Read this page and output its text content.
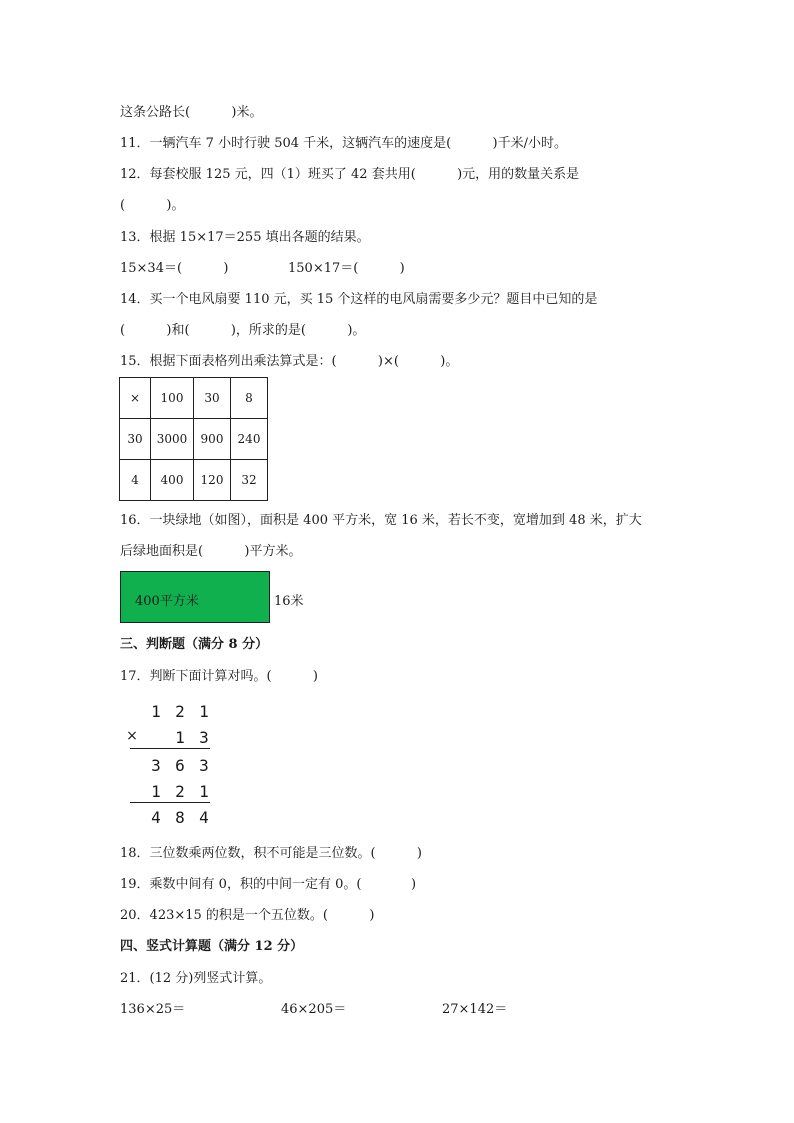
这条公路长(          )米。
11．一辆汽车 7 小时行驶 504 千米，这辆汽车的速度是(          )千米/小时。
12．每套校服 125 元，四（1）班买了 42 套共用(          )元，用的数量关系是
(          )。
13．根据 15×17＝255 填出各题的结果。
15×34＝(          )	150×17＝(          )
14．买一个电风扇要 110 元，买 15 个这样的电风扇需要多少元？题目中已知的是
(          )和(          )，所求的是(          )。
15．根据下面表格列出乘法算式是：(          )×(          )。
×	100	30	8
30	3000	900	240
4	400	120	32
16．一块绿地（如图），面积是 400 平方米，宽 16 米，若长不变，宽增加到 48 米，扩大
后绿地面积是(          )平方米。
400平方米	16米
三、判断题（满分 8 分）
17．判断下面计算对吗。(          )
1 2 1
×	1 3
3 6 3
1 2 1
4 8 4
18．三位数乘两位数，积不可能是三位数。(          )
19．乘数中间有 0，积的中间一定有 0。(            )
20．423×15 的积是一个五位数。(          )
四、竖式计算题（满分 12 分）
21．(12 分)列竖式计算。
136×25＝	46×205＝	27×142＝
